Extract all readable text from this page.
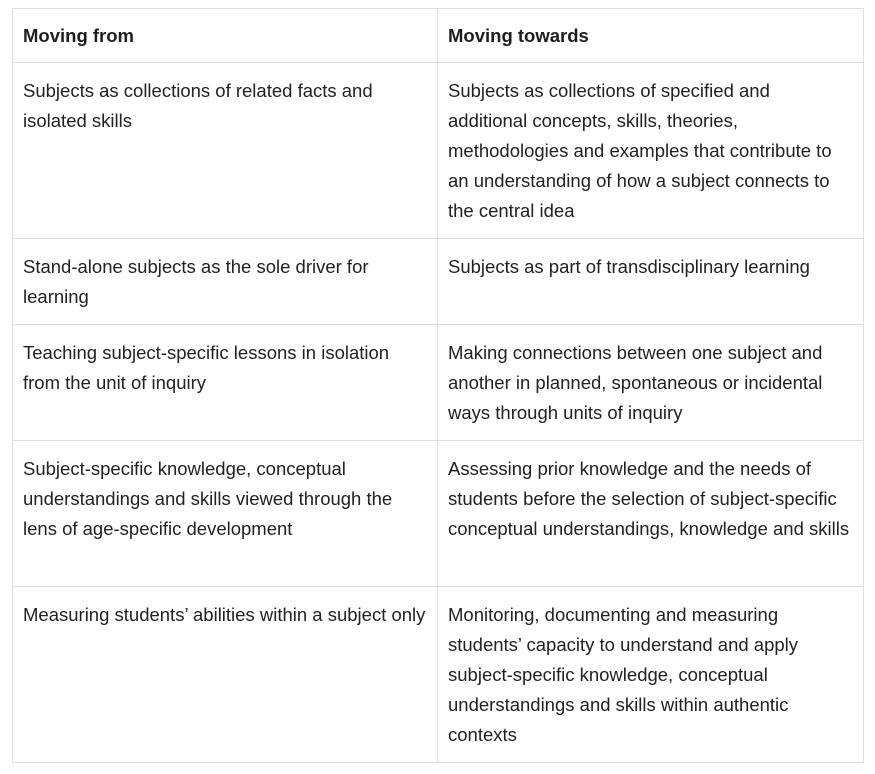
Moving from	Moving towards
Subjects as collections of related facts and isolated skills	Subjects as collections of specified and additional concepts, skills, theories, methodologies and examples that contribute to an understanding of how a subject connects to the central idea
Stand-alone subjects as the sole driver for learning	Subjects as part of transdisciplinary learning
Teaching subject-specific lessons in isolation from the unit of inquiry	Making connections between one subject and another in planned, spontaneous or incidental ways through units of inquiry
Subject-specific knowledge, conceptual understandings and skills viewed through the lens of age-specific development	Assessing prior knowledge and the needs of students before the selection of subject-specific conceptual understandings, knowledge and skills
Measuring students’ abilities within a subject only	Monitoring, documenting and measuring students’ capacity to understand and apply subject-specific knowledge, conceptual understandings and skills within authentic contexts
